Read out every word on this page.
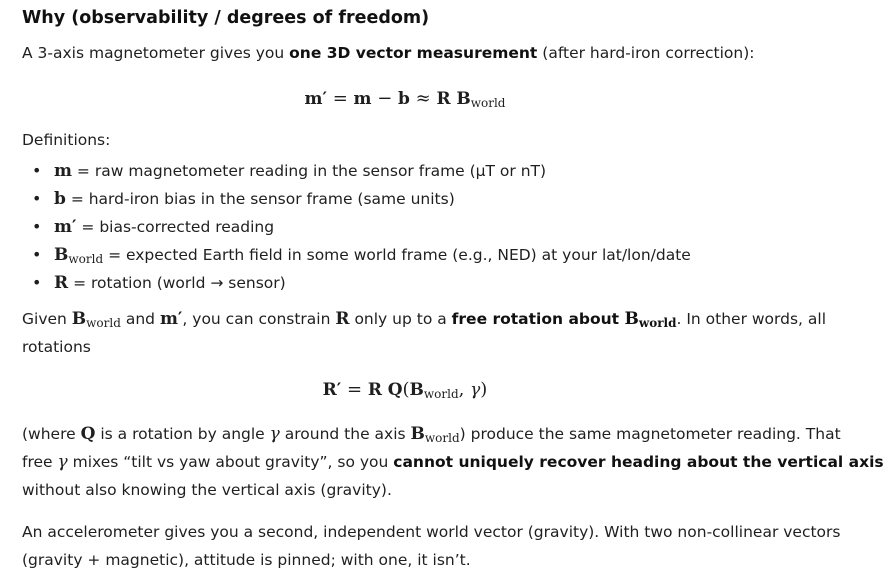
Why (observability / degrees of freedom)
A 3-axis magnetometer gives you one 3D vector measurement (after hard-iron correction):
m′ = m − b ≈ R $B_{world}$
Definitions:
• m = raw magnetometer reading in the sensor frame (μT or nT)
• b = hard-iron bias in the sensor frame (same units)
• m′ = bias-corrected reading
• $B_{world}$ = expected Earth field in some world frame (e.g., NED) at your lat/lon/date
• R = rotation (world → sensor)
Given $B_{world}$ and m′, you can constrain R only up to a free rotation about $B_{world}$. In other words, all
rotations
R′ = R $Q(B_{world}$, γ)
(where Q is a rotation by angle γ around the axis $B_{world}$) produce the same magnetometer reading. That
free γ mixes “tilt vs yaw about gravity”, so you cannot uniquely recover heading about the vertical axis
without also knowing the vertical axis (gravity).
An accelerometer gives you a second, independent world vector (gravity). With two non-collinear vectors
(gravity + magnetic), attitude is pinned; with one, it isn’t.
